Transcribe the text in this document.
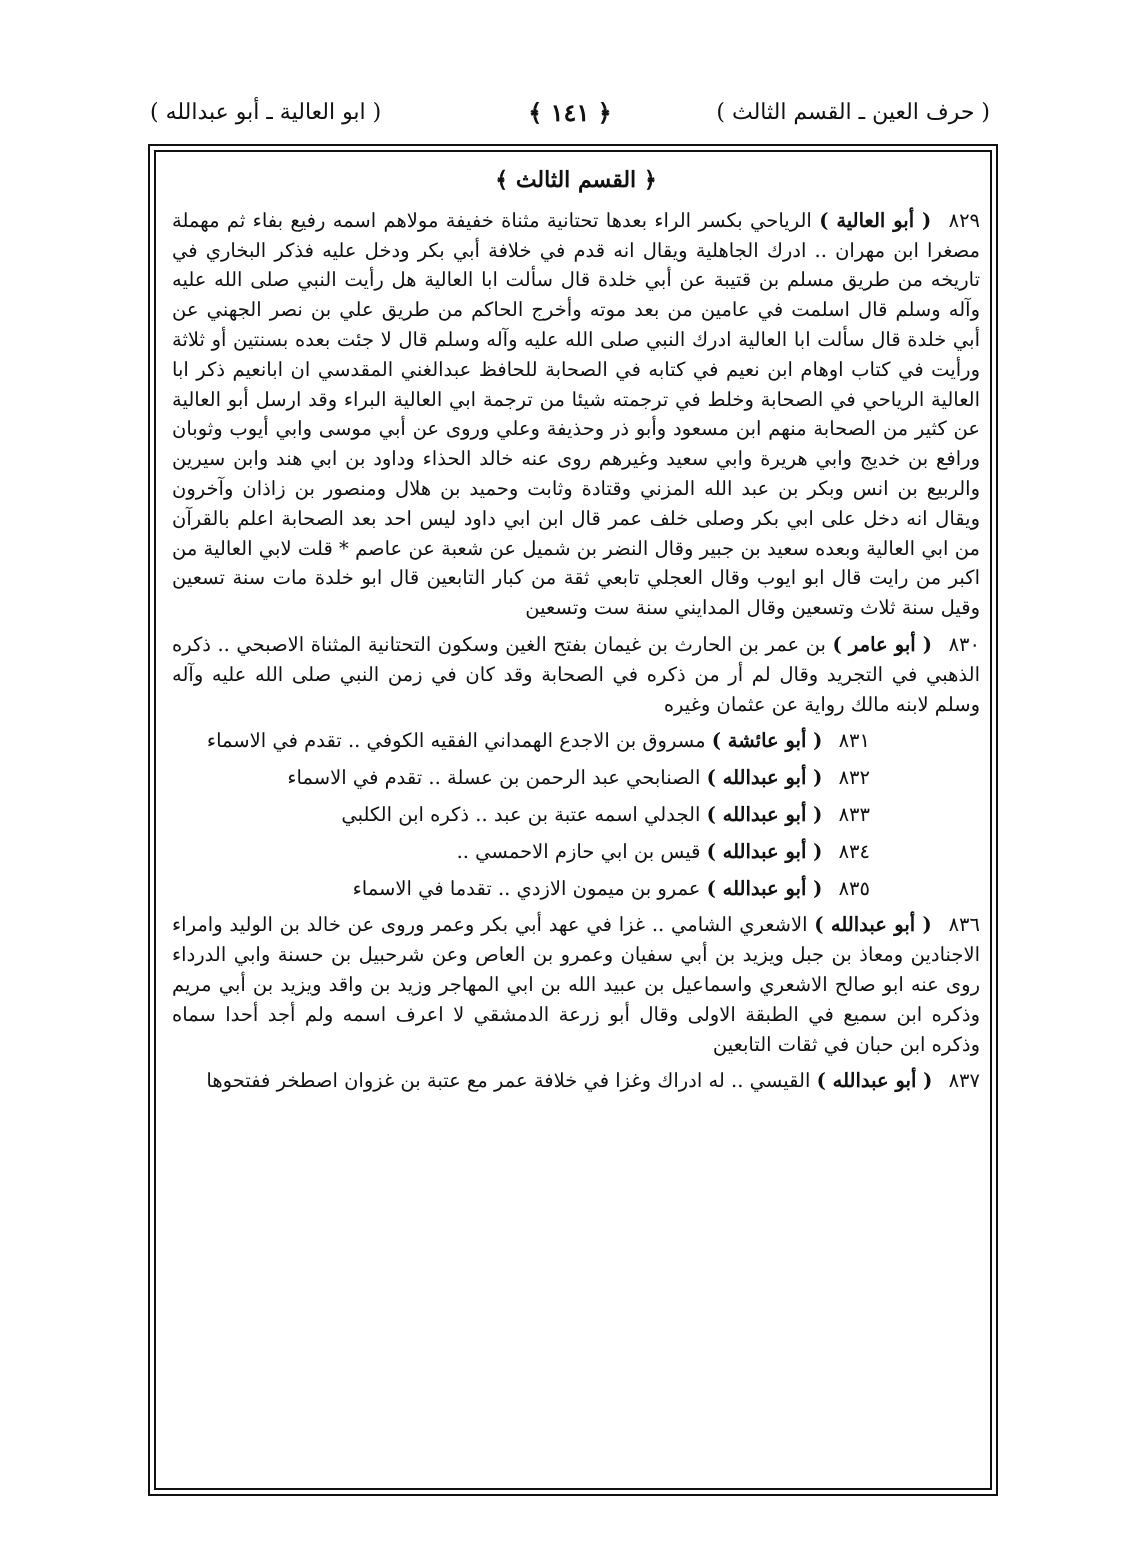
( حرف العين ـ القسم الثالث )
﴿ ١٤١ ﴾
( ابو العالية ـ أبو عبدالله )
﴿ القسم الثالث ﴾

٨٢٩ ( أبو العالية ) الرياحي بكسر الراء بعدها تحتانية مثناة خفيفة مولاهم اسمه رفيع بفاء ثم مهملة مصغرا ابن مهران .. ادرك الجاهلية ويقال انه قدم في خلافة أبي بكر ودخل عليه فذكر البخاري في تاريخه من طريق مسلم بن قتيبة عن أبي خلدة قال سألت ابا العالية هل رأيت النبي صلى الله عليه وآله وسلم قال اسلمت في عامين من بعد موته وأخرج الحاكم من طريق علي بن نصر الجهني عن أبي خلدة قال سألت ابا العالية ادرك النبي صلى الله عليه وآله وسلم قال لا جئت بعده بسنتين أو ثلاثة ورأيت في كتاب اوهام ابن نعيم في كتابه في الصحابة للحافظ عبدالغني المقدسي ان ابانعيم ذكر ابا العالية الرياحي في الصحابة وخلط في ترجمته شيئا من ترجمة ابي العالية البراء وقد ارسل أبو العالية عن كثير من الصحابة منهم ابن مسعود وأبو ذر وحذيفة وعلي وروى عن أبي موسى وابي أيوب وثوبان ورافع بن خديج وابي هريرة وابي سعيد وغيرهم روى عنه خالد الحذاء وداود بن ابي هند وابن سيرين والربيع بن انس وبكر بن عبد الله المزني وقتادة وثابت وحميد بن هلال ومنصور بن زاذان وآخرون ويقال انه دخل على ابي بكر وصلى خلف عمر قال ابن ابي داود ليس احد بعد الصحابة اعلم بالقرآن من ابي العالية وبعده سعيد بن جبير وقال النضر بن شميل عن شعبة عن عاصم * قلت لابي العالية من اكبر من رايت قال ابو ايوب وقال العجلي تابعي ثقة من كبار التابعين قال ابو خلدة مات سنة تسعين وقيل سنة ثلاث وتسعين وقال المدايني سنة ست وتسعين

٨٣٠ ( أبو عامر ) بن عمر بن الحارث بن غيمان بفتح الغين وسكون التحتانية المثناة الاصبحي .. ذكره الذهبي في التجريد وقال لم أر من ذكره في الصحابة وقد كان في زمن النبي صلى الله عليه وآله وسلم لابنه مالك رواية عن عثمان وغيره

٨٣١ ( أبو عائشة ) مسروق بن الاجدع الهمداني الفقيه الكوفي .. تقدم في الاسماء

٨٣٢ ( أبو عبدالله ) الصنابحي عبد الرحمن بن عسلة .. تقدم في الاسماء

٨٣٣ ( أبو عبدالله ) الجدلي اسمه عتبة بن عبد .. ذكره ابن الكلبي

٨٣٤ ( أبو عبدالله ) قيس بن ابي حازم الاحمسي ..

٨٣٥ ( أبو عبدالله ) عمرو بن ميمون الازدي .. تقدما في الاسماء

٨٣٦ ( أبو عبدالله ) الاشعري الشامي .. غزا في عهد أبي بكر وعمر وروى عن خالد بن الوليد وامراء الاجنادين ومعاذ بن جبل ويزيد بن أبي سفيان وعمرو بن العاص وعن شرحبيل بن حسنة وابي الدرداء روى عنه ابو صالح الاشعري واسماعيل بن عبيد الله بن ابي المهاجر وزيد بن واقد ويزيد بن أبي مريم وذكره ابن سميع في الطبقة الاولى وقال أبو زرعة الدمشقي لا اعرف اسمه ولم أجد أحدا سماه وذكره ابن حبان في ثقات التابعين

٨٣٧ ( أبو عبدالله ) القيسي .. له ادراك وغزا في خلافة عمر مع عتبة بن غزوان اصطخر ففتحوها
